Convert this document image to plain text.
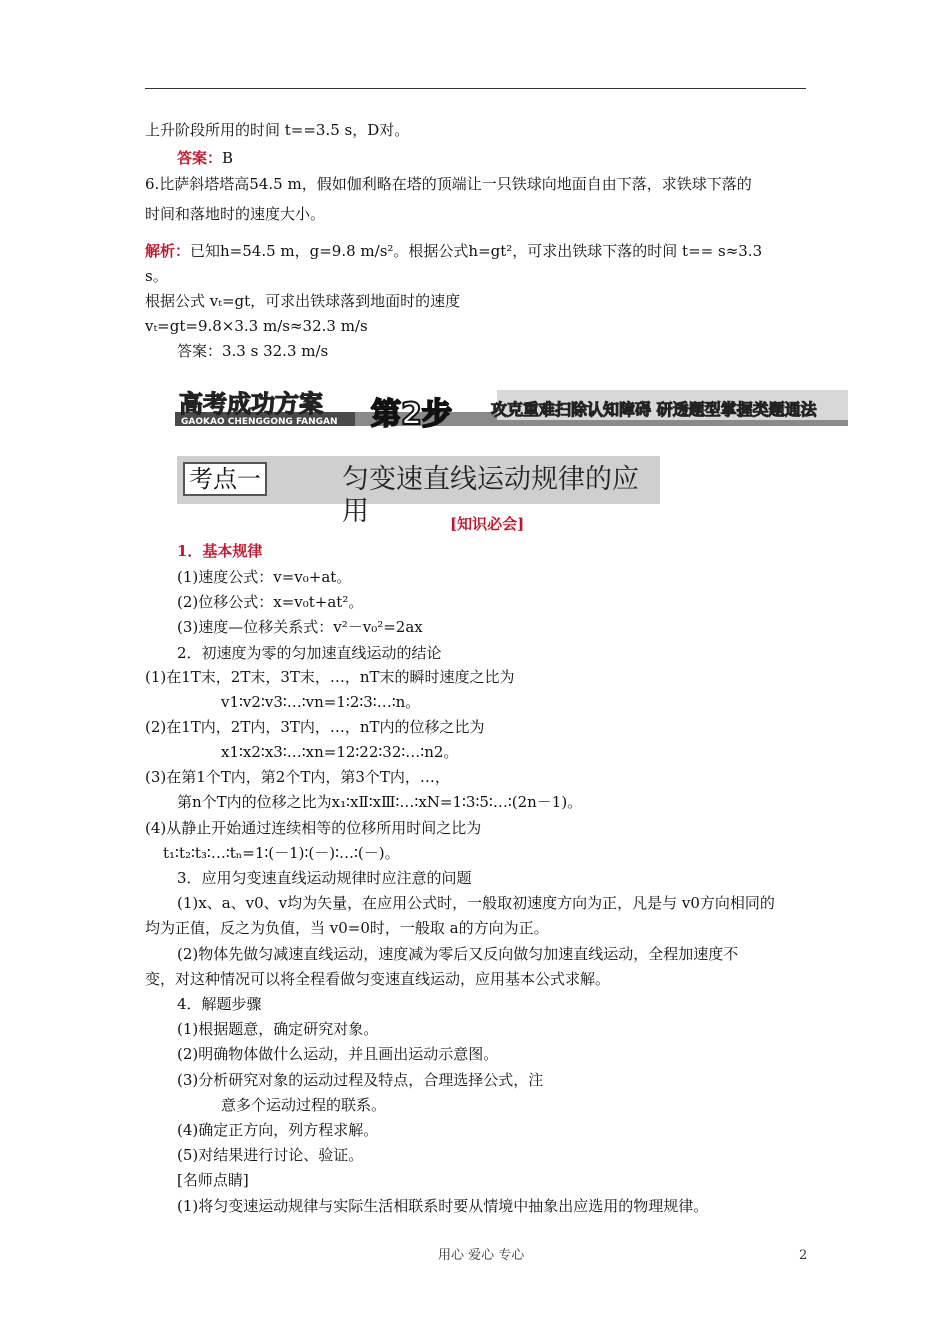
上升阶段所用的时间 t==3.5 s，D对。
答案：B
6.比萨斜塔塔高54.5 m，假如伽利略在塔的顶端让一只铁球向地面自由下落，求铁球下落的
时间和落地时的速度大小。
解析：已知h=54.5 m，g=9.8 m/s²。根据公式h=gt²，可求出铁球下落的时间 t== s≈3.3
s。
根据公式 vₜ=gt，可求出铁球落到地面时的速度
vₜ=gt=9.8×3.3 m/s≈32.3 m/s
答案：3.3 s 32.3 m/s
高考成功方案
GAOKAO CHENGGONG FANGAN 第2步 攻克重难扫除认知障碍 研透题型掌握类题通法
考点一	匀变速直线运动规律的应用	[知识必会]
1．基本规律
(1)速度公式：v=v₀+at。
(2)位移公式：x=v₀t+at²。
(3)速度—位移关系式：v²－v₀²=2ax
2．初速度为零的匀加速直线运动的结论
(1)在1T末，2T末，3T末，…，nT末的瞬时速度之比为
v1∶v2∶v3∶…∶vn=1∶2∶3∶…∶n。
(2)在1T内，2T内，3T内，…，nT内的位移之比为
x1∶x2∶x3∶…∶xn=12∶22∶32∶…∶n2。
(3)在第1个T内，第2个T内，第3个T内，…，
第n个T内的位移之比为x₁∶xⅡ∶xⅢ∶…∶xN=1∶3∶5∶…∶(2n－1)。
(4)从静止开始通过连续相等的位移所用时间之比为
t₁∶t₂∶t₃∶…∶tₙ=1∶(－1)∶(－)∶…∶(－)。
3．应用匀变速直线运动规律时应注意的问题
(1)x、a、v0、v均为矢量，在应用公式时，一般取初速度方向为正，凡是与 v0方向相同的
均为正值，反之为负值，当 v0=0时，一般取 a的方向为正。
(2)物体先做匀减速直线运动，速度减为零后又反向做匀加速直线运动，全程加速度不
变，对这种情况可以将全程看做匀变速直线运动，应用基本公式求解。
4．解题步骤
(1)根据题意，确定研究对象。
(2)明确物体做什么运动，并且画出运动示意图。
(3)分析研究对象的运动过程及特点，合理选择公式，注
意多个运动过程的联系。
(4)确定正方向，列方程求解。
(5)对结果进行讨论、验证。
[名师点睛]
(1)将匀变速运动规律与实际生活相联系时要从情境中抽象出应选用的物理规律。
用心 爱心 专心	2
